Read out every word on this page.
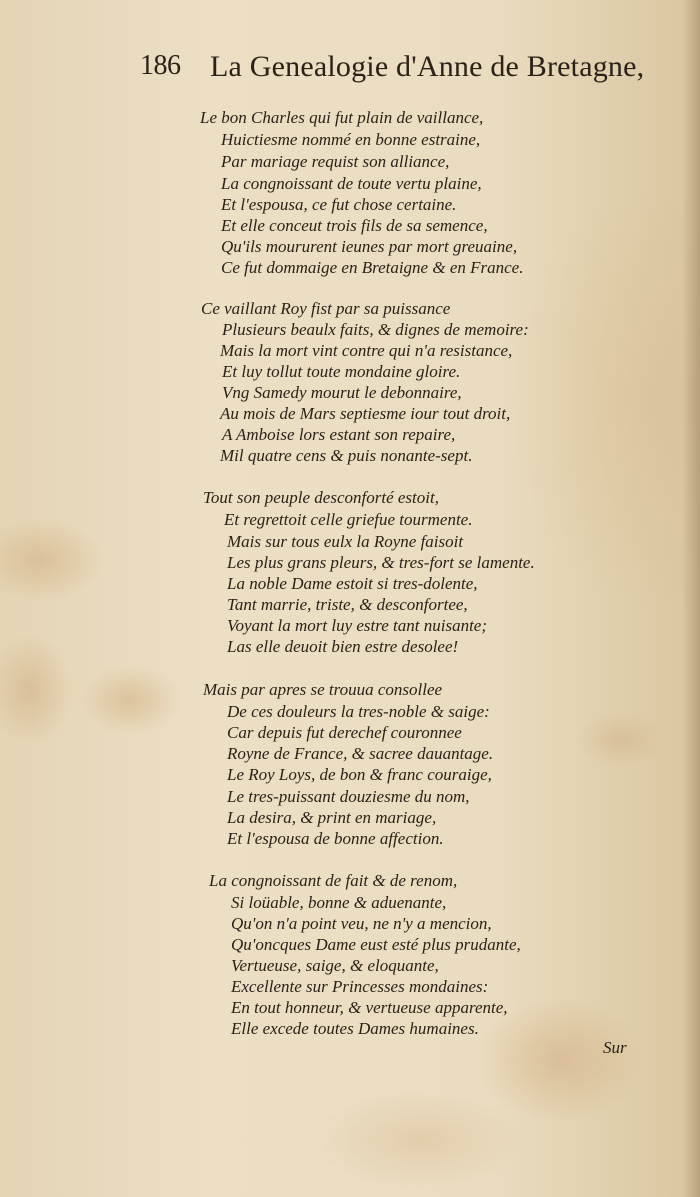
186 La Genealogie d'Anne de Bretagne,
Le bon Charles qui fut plain de vaillance,
Huictiesme nommé en bonne estraine,
Par mariage requist son alliance,
La congnoissant de toute vertu plaine,
Et l'espousa, ce fut chose certaine.
Et elle conceut trois fils de sa semence,
Qu'ils moururent ieunes par mort greuaine,
Ce fut dommaige en Bretaigne & en France.
Ce vaillant Roy fist par sa puissance
Plusieurs beaulx faits, & dignes de memoire:
Mais la mort vint contre qui n'a resistance,
Et luy tollut toute mondaine gloire.
Vng Samedy mourut le debonnaire,
Au mois de Mars septiesme iour tout droit,
A Amboise lors estant son repaire,
Mil quatre cens & puis nonante-sept.
Tout son peuple desconforté estoit,
Et regrettoit celle griefue tourmente.
Mais sur tous eulx la Royne faisoit
Les plus grans pleurs, & tres-fort se lamente.
La noble Dame estoit si tres-dolente,
Tant marrie, triste, & desconfortee,
Voyant la mort luy estre tant nuisante;
Las elle deuoit bien estre desolee!
Mais par apres se trouua consollee
De ces douleurs la tres-noble & saige:
Car depuis fut derechef couronnee
Royne de France, & sacree dauantage.
Le Roy Loys, de bon & franc couraige,
Le tres-puissant douziesme du nom,
La desira, & print en mariage,
Et l'espousa de bonne affection.
La congnoissant de fait & de renom,
Si loüable, bonne & aduenante,
Qu'on n'a point veu, ne n'y a mencion,
Qu'oncques Dame eust esté plus prudante,
Vertueuse, saige, & eloquante,
Excellente sur Princesses mondaines:
En tout honneur, & vertueuse apparente,
Elle excede toutes Dames humaines.
Sur
